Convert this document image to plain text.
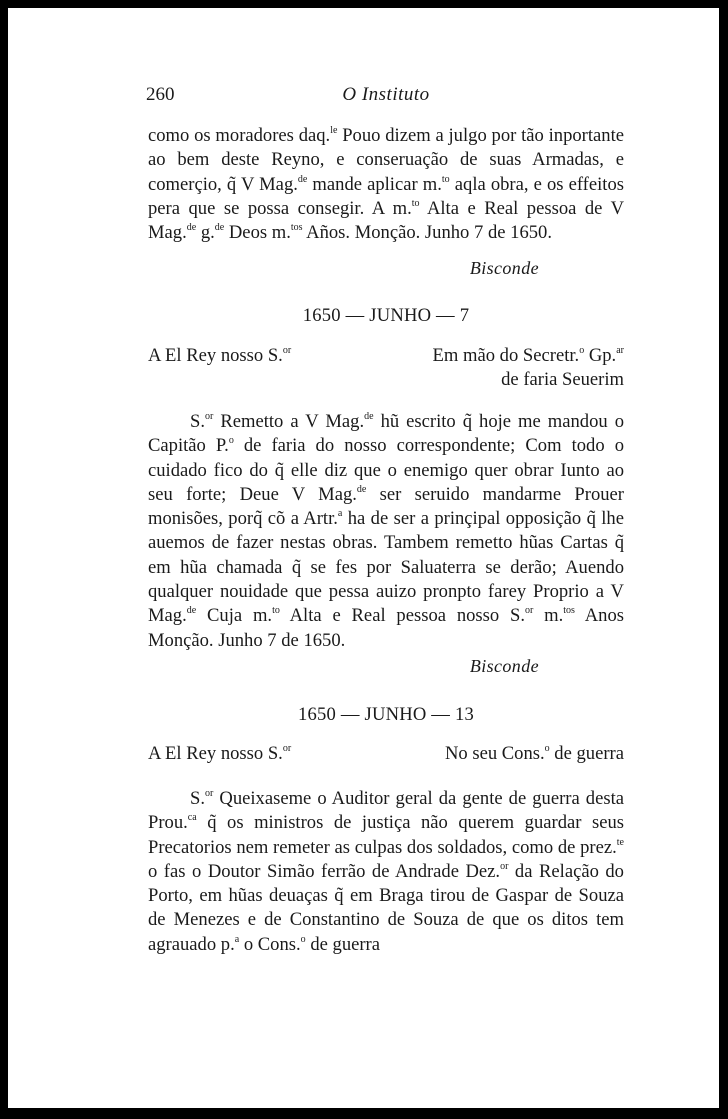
260	O Instituto

como os moradores daq.$^{le}$ Pouo dizem a julgo por tão inportante ao bem deste Reyno, e conseruação de suas Armadas, e comerçio, q̃ V Mag.$^{de}$ mande aplicar m.$^{to}$ aqla obra, e os effeitos pera que se possa consegir. A m.$^{to}$ Alta e Real pessoa de V Mag.$^{de}$ g.$^{de}$ Deos m.$^{tos}$ Años. Monção. Junho 7 de 1650.

Bisconde
1650 — JUNHO — 7
A El Rey nosso S.$^{or}$	Em mão do Secretr.$^o$ Gp.$^{ar}$
de faria Seuerim

S.$^{or}$ Remetto a V Mag.$^{de}$ hũ escrito q̃ hoje me mandou o Capitão P.$^o$ de faria do nosso correspondente; Com todo o cuidado fico do q̃ elle diz que o enemigo quer obrar Iunto ao seu forte; Deue V Mag.$^{de}$ ser seruido mandarme Prouer monisões, porq̃ cõ a Artr.$^a$ ha de ser a prinçipal opposição q̃ lhe auemos de fazer nestas obras. Tambem remetto hũas Cartas q̃ em hũa chamada q̃ se fes por Saluaterra se derão; Auendo qualquer nouidade que pessa auizo pronpto farey Proprio a V Mag.$^{de}$ Cuja m.$^{to}$ Alta e Real pessoa nosso S.$^{or}$ m.$^{tos}$ Anos Monção. Junho 7 de 1650.

Bisconde
1650 — JUNHO — 13
A El Rey nosso S.$^{or}$	No seu Cons.$^o$ de guerra

S.$^{or}$ Queixaseme o Auditor geral da gente de guerra desta Prou.$^{ca}$ q̃ os ministros de justiça não querem guardar seus Precatorios nem remeter as culpas dos soldados, como de prez.$^{te}$ o fas o Doutor Simão ferrão de Andrade Dez.$^{or}$ da Relação do Porto, em hũas deuaças q̃ em Braga tirou de Gaspar de Souza de Menezes e de Constantino de Souza de que os ditos tem agrauado p.$^a$ o Cons.$^o$ de guerra
